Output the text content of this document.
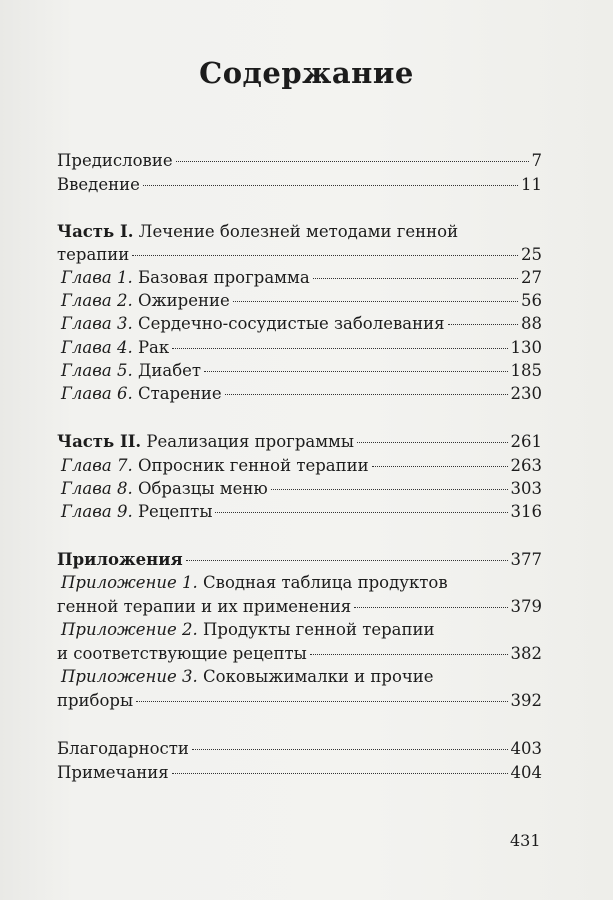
Содержание
Предисловие	7
Введение	11
Часть I. Лечение болезней методами генной
терапии	25
Глава 1. Базовая программа	27
Глава 2. Ожирение	56
Глава 3. Сердечно-сосудистые заболевания	88
Глава 4. Рак	130
Глава 5. Диабет	185
Глава 6. Старение	230
Часть II. Реализация программы	261
Глава 7. Опросник генной терапии	263
Глава 8. Образцы меню	303
Глава 9. Рецепты	316
Приложения	377
Приложение 1. Сводная таблица продуктов
генной терапии и их применения	379
Приложение 2. Продукты генной терапии
и соответствующие рецепты	382
Приложение 3. Соковыжималки и прочие
приборы	392
Благодарности	403
Примечания	404
431
